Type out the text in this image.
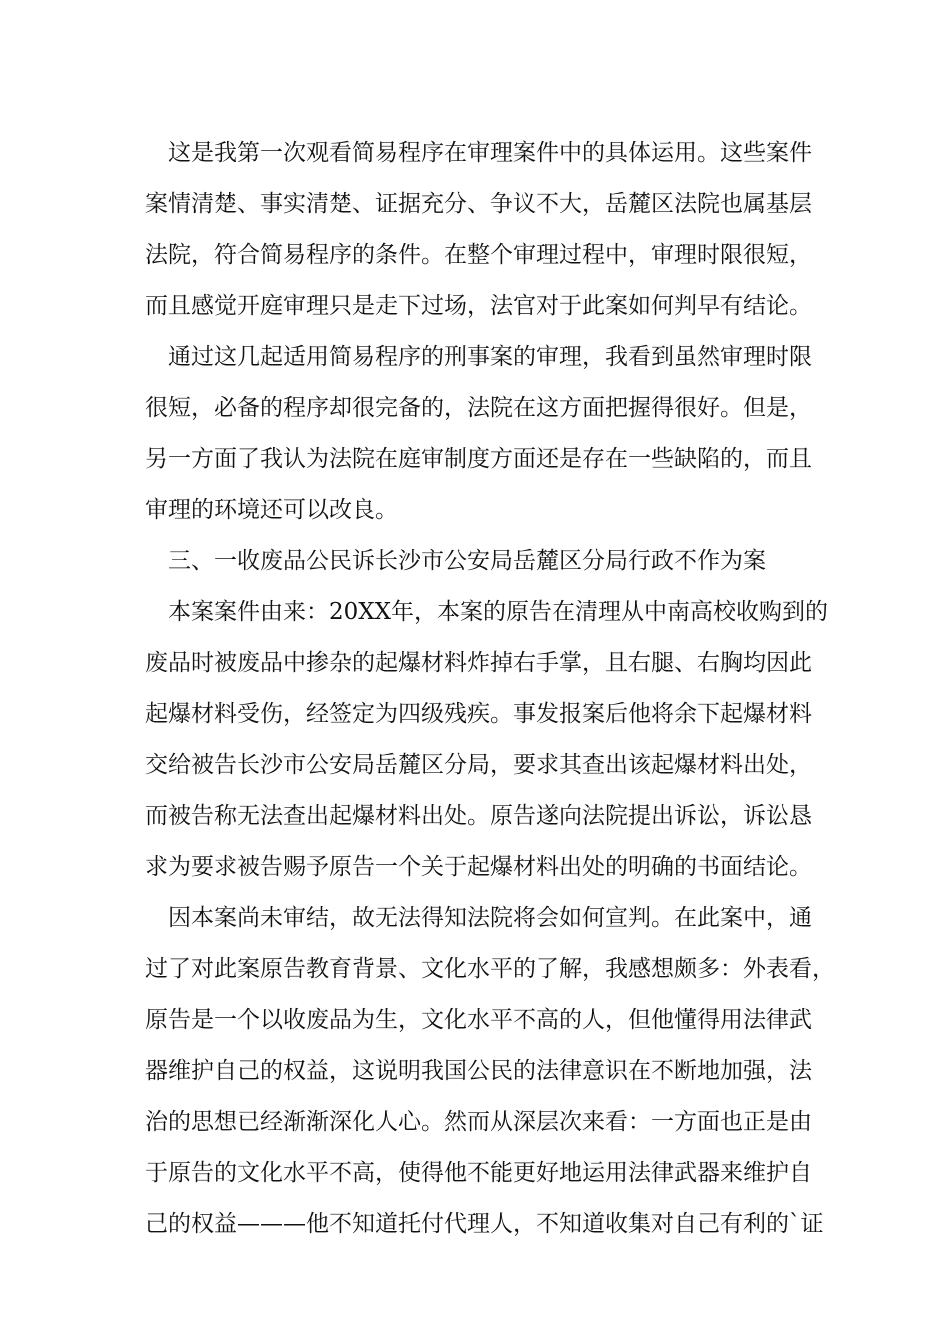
　这是我第一次观看简易程序在审理案件中的具体运用。这些案件
案情清楚、事实清楚、证据充分、争议不大，岳麓区法院也属基层
法院，符合简易程序的条件。在整个审理过程中，审理时限很短，
而且感觉开庭审理只是走下过场，法官对于此案如何判早有结论。
　通过这几起适用简易程序的刑事案的审理，我看到虽然审理时限
很短，必备的程序却很完备的，法院在这方面把握得很好。但是，
另一方面了我认为法院在庭审制度方面还是存在一些缺陷的，而且
审理的环境还可以改良。
　三、一收废品公民诉长沙市公安局岳麓区分局行政不作为案
　本案案件由来：20XX年，本案的原告在清理从中南高校收购到的
废品时被废品中掺杂的起爆材料炸掉右手掌，且右腿、右胸均因此
起爆材料受伤，经签定为四级残疾。事发报案后他将余下起爆材料
交给被告长沙市公安局岳麓区分局，要求其查出该起爆材料出处，
而被告称无法查出起爆材料出处。原告遂向法院提出诉讼，诉讼恳
求为要求被告赐予原告一个关于起爆材料出处的明确的书面结论。
　因本案尚未审结，故无法得知法院将会如何宣判。在此案中，通
过了对此案原告教育背景、文化水平的了解，我感想颇多：外表看，
原告是一个以收废品为生，文化水平不高的人，但他懂得用法律武
器维护自己的权益，这说明我国公民的法律意识在不断地加强，法
治的思想已经渐渐深化人心。然而从深层次来看：一方面也正是由
于原告的文化水平不高，使得他不能更好地运用法律武器来维护自
己的权益———他不知道托付代理人，不知道收集对自己有利的`证
